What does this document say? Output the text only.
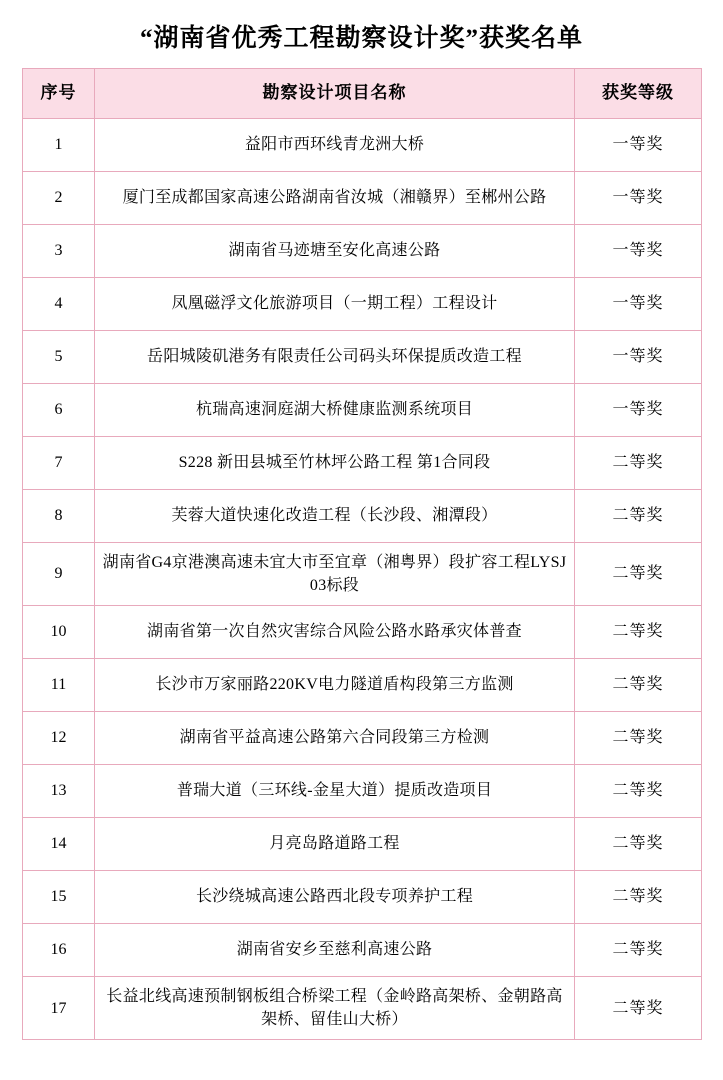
“湖南省优秀工程勘察设计奖”获奖名单
序号	勘察设计项目名称	获奖等级
1	益阳市西环线青龙洲大桥	一等奖
2	厦门至成都国家高速公路湖南省汝城（湘赣界）至郴州公路	一等奖
3	湖南省马迹塘至安化高速公路	一等奖
4	凤凰磁浮文化旅游项目（一期工程）工程设计	一等奖
5	岳阳城陵矶港务有限责任公司码头环保提质改造工程	一等奖
6	杭瑞高速洞庭湖大桥健康监测系统项目	一等奖
7	S228 新田县城至竹林坪公路工程 第1合同段	二等奖
8	芙蓉大道快速化改造工程（长沙段、湘潭段）	二等奖
9	湖南省G4京港澳高速未宜大市至宜章（湘粤界）段扩容工程LYSJ03标段	二等奖
10	湖南省第一次自然灾害综合风险公路水路承灾体普查	二等奖
11	长沙市万家丽路220KV电力隧道盾构段第三方监测	二等奖
12	湖南省平益高速公路第六合同段第三方检测	二等奖
13	普瑞大道（三环线-金星大道）提质改造项目	二等奖
14	月亮岛路道路工程	二等奖
15	长沙绕城高速公路西北段专项养护工程	二等奖
16	湖南省安乡至慈利高速公路	二等奖
17	长益北线高速预制钢板组合桥梁工程（金岭路高架桥、金朝路高架桥、留佳山大桥）	二等奖
